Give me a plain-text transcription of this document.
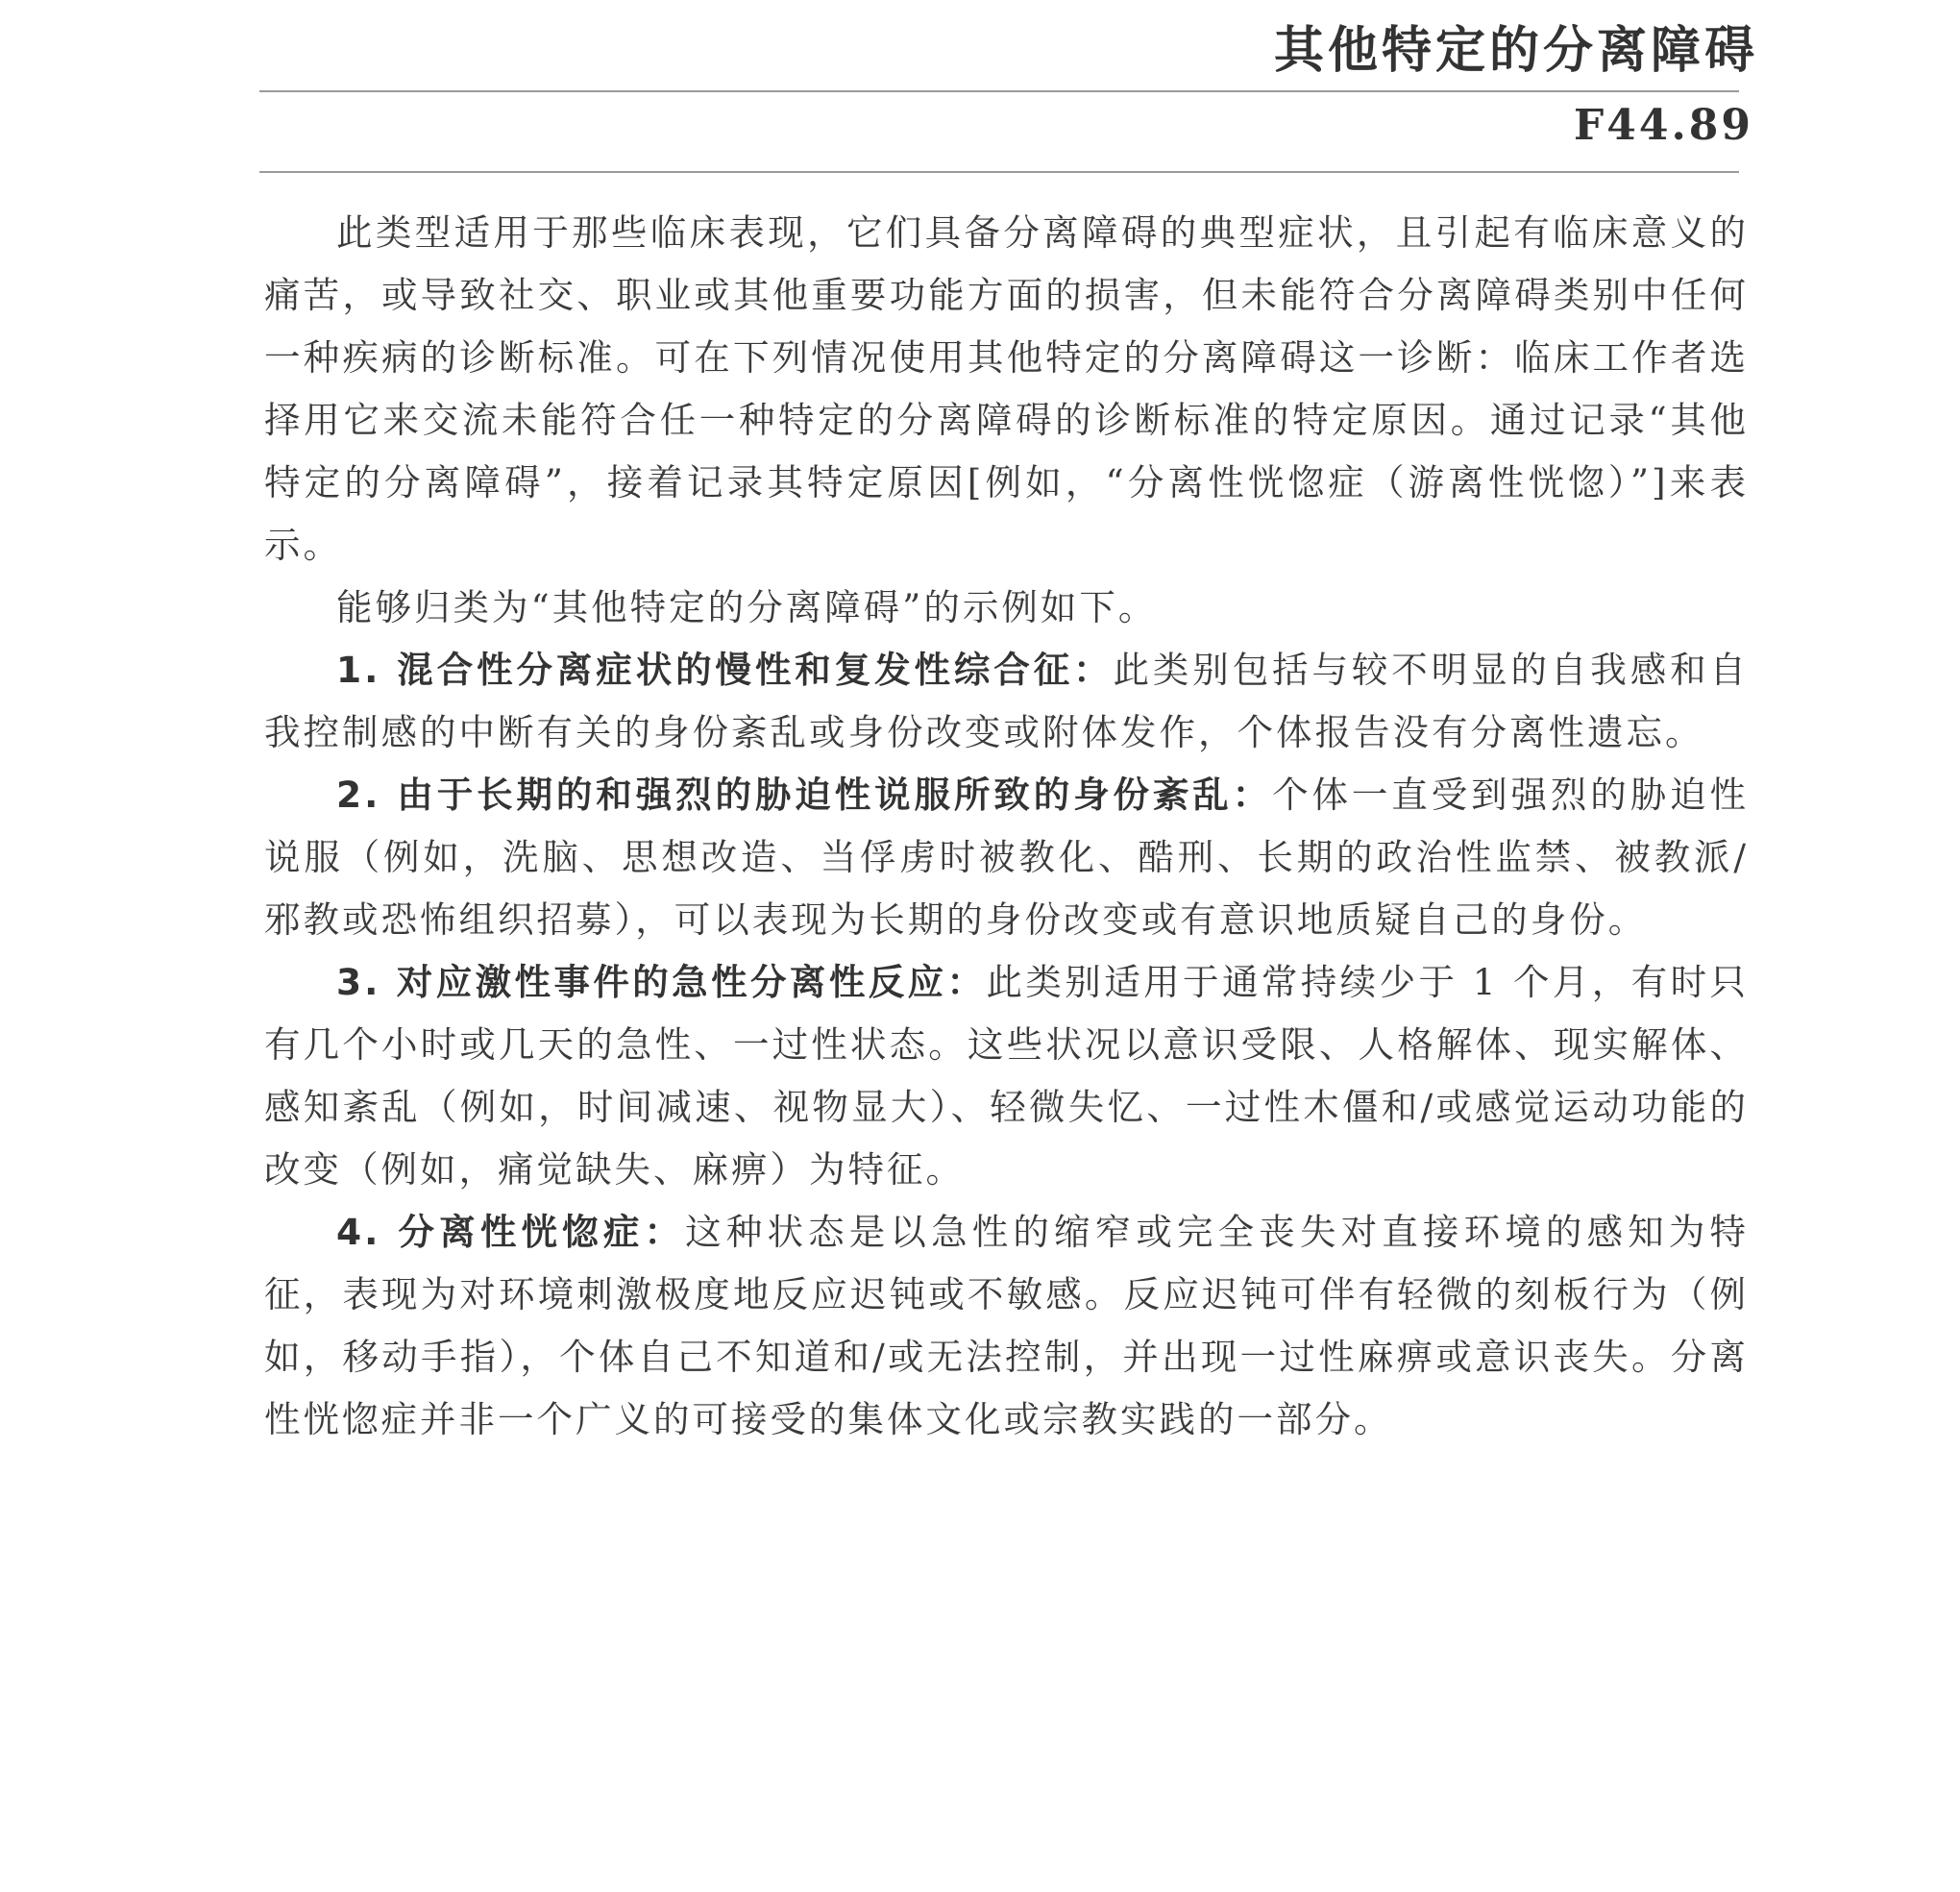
其他特定的分离障碍
F44.89

此类型适用于那些临床表现，它们具备分离障碍的典型症状，且引起有临床意义的痛苦，或导致社交、职业或其他重要功能方面的损害，但未能符合分离障碍类别中任何一种疾病的诊断标准。可在下列情况使用其他特定的分离障碍这一诊断：临床工作者选择用它来交流未能符合任一种特定的分离障碍的诊断标准的特定原因。通过记录“其他特定的分离障碍”，接着记录其特定原因[例如，“分离性恍惚症（游离性恍惚）”]来表示。

能够归类为“其他特定的分离障碍”的示例如下。

1. 混合性分离症状的慢性和复发性综合征：此类别包括与较不明显的自我感和自我控制感的中断有关的身份紊乱或身份改变或附体发作，个体报告没有分离性遗忘。

2. 由于长期的和强烈的胁迫性说服所致的身份紊乱：个体一直受到强烈的胁迫性说服（例如，洗脑、思想改造、当俘虏时被教化、酷刑、长期的政治性监禁、被教派/邪教或恐怖组织招募），可以表现为长期的身份改变或有意识地质疑自己的身份。

3. 对应激性事件的急性分离性反应：此类别适用于通常持续少于 1 个月，有时只有几个小时或几天的急性、一过性状态。这些状况以意识受限、人格解体、现实解体、感知紊乱（例如，时间减速、视物显大）、轻微失忆、一过性木僵和/或感觉运动功能的改变（例如，痛觉缺失、麻痹）为特征。

4. 分离性恍惚症：这种状态是以急性的缩窄或完全丧失对直接环境的感知为特征，表现为对环境刺激极度地反应迟钝或不敏感。反应迟钝可伴有轻微的刻板行为（例如，移动手指），个体自己不知道和/或无法控制，并出现一过性麻痹或意识丧失。分离性恍惚症并非一个广义的可接受的集体文化或宗教实践的一部分。
